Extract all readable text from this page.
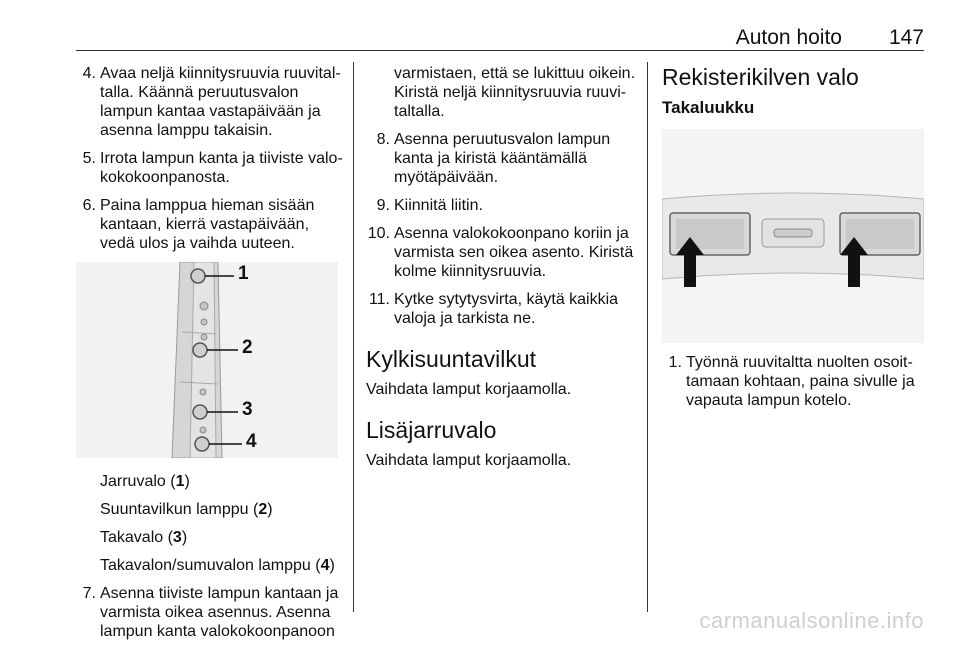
Auton hoito 147
4. Avaa neljä kiinnitysruuvia ruuvitaltalla. Käännä peruutusvalon lampun kantaa vastapäivään ja asenna lamppu takaisin.
5. Irrota lampun kanta ja tiiviste valokokokoonpanosta.
6. Paina lamppua hieman sisään kantaan, kierrä vastapäivään, vedä ulos ja vaihda uuteen.
1
2
3
4
Jarruvalo (1)
Suuntavilkun lamppu (2)
Takavalo (3)
Takavalon/sumuvalon lamppu (4)
7. Asenna tiiviste lampun kantaan ja varmista oikea asennus. Asenna lampun kanta valokokoonpanoon
varmistaen, että se lukittuu oikein. Kiristä neljä kiinnitysruuvia ruuvitaltalla.
8. Asenna peruutusvalon lampun kanta ja kiristä kääntämällä myötäpäivään.
9. Kiinnitä liitin.
10. Asenna valokokoonpano koriin ja varmista sen oikea asento. Kiristä kolme kiinnitysruuvia.
11. Kytke sytytysvirta, käytä kaikkia valoja ja tarkista ne.
Kylkisuuntavilkut
Vaihdata lamput korjaamolla.
Lisäjarruvalo
Vaihdata lamput korjaamolla.
Rekisterikilven valo
Takaluukku
1. Työnnä ruuvitaltta nuolten osoittamaan kohtaan, paina sivulle ja vapauta lampun kotelo.
carmanualsonline.info
